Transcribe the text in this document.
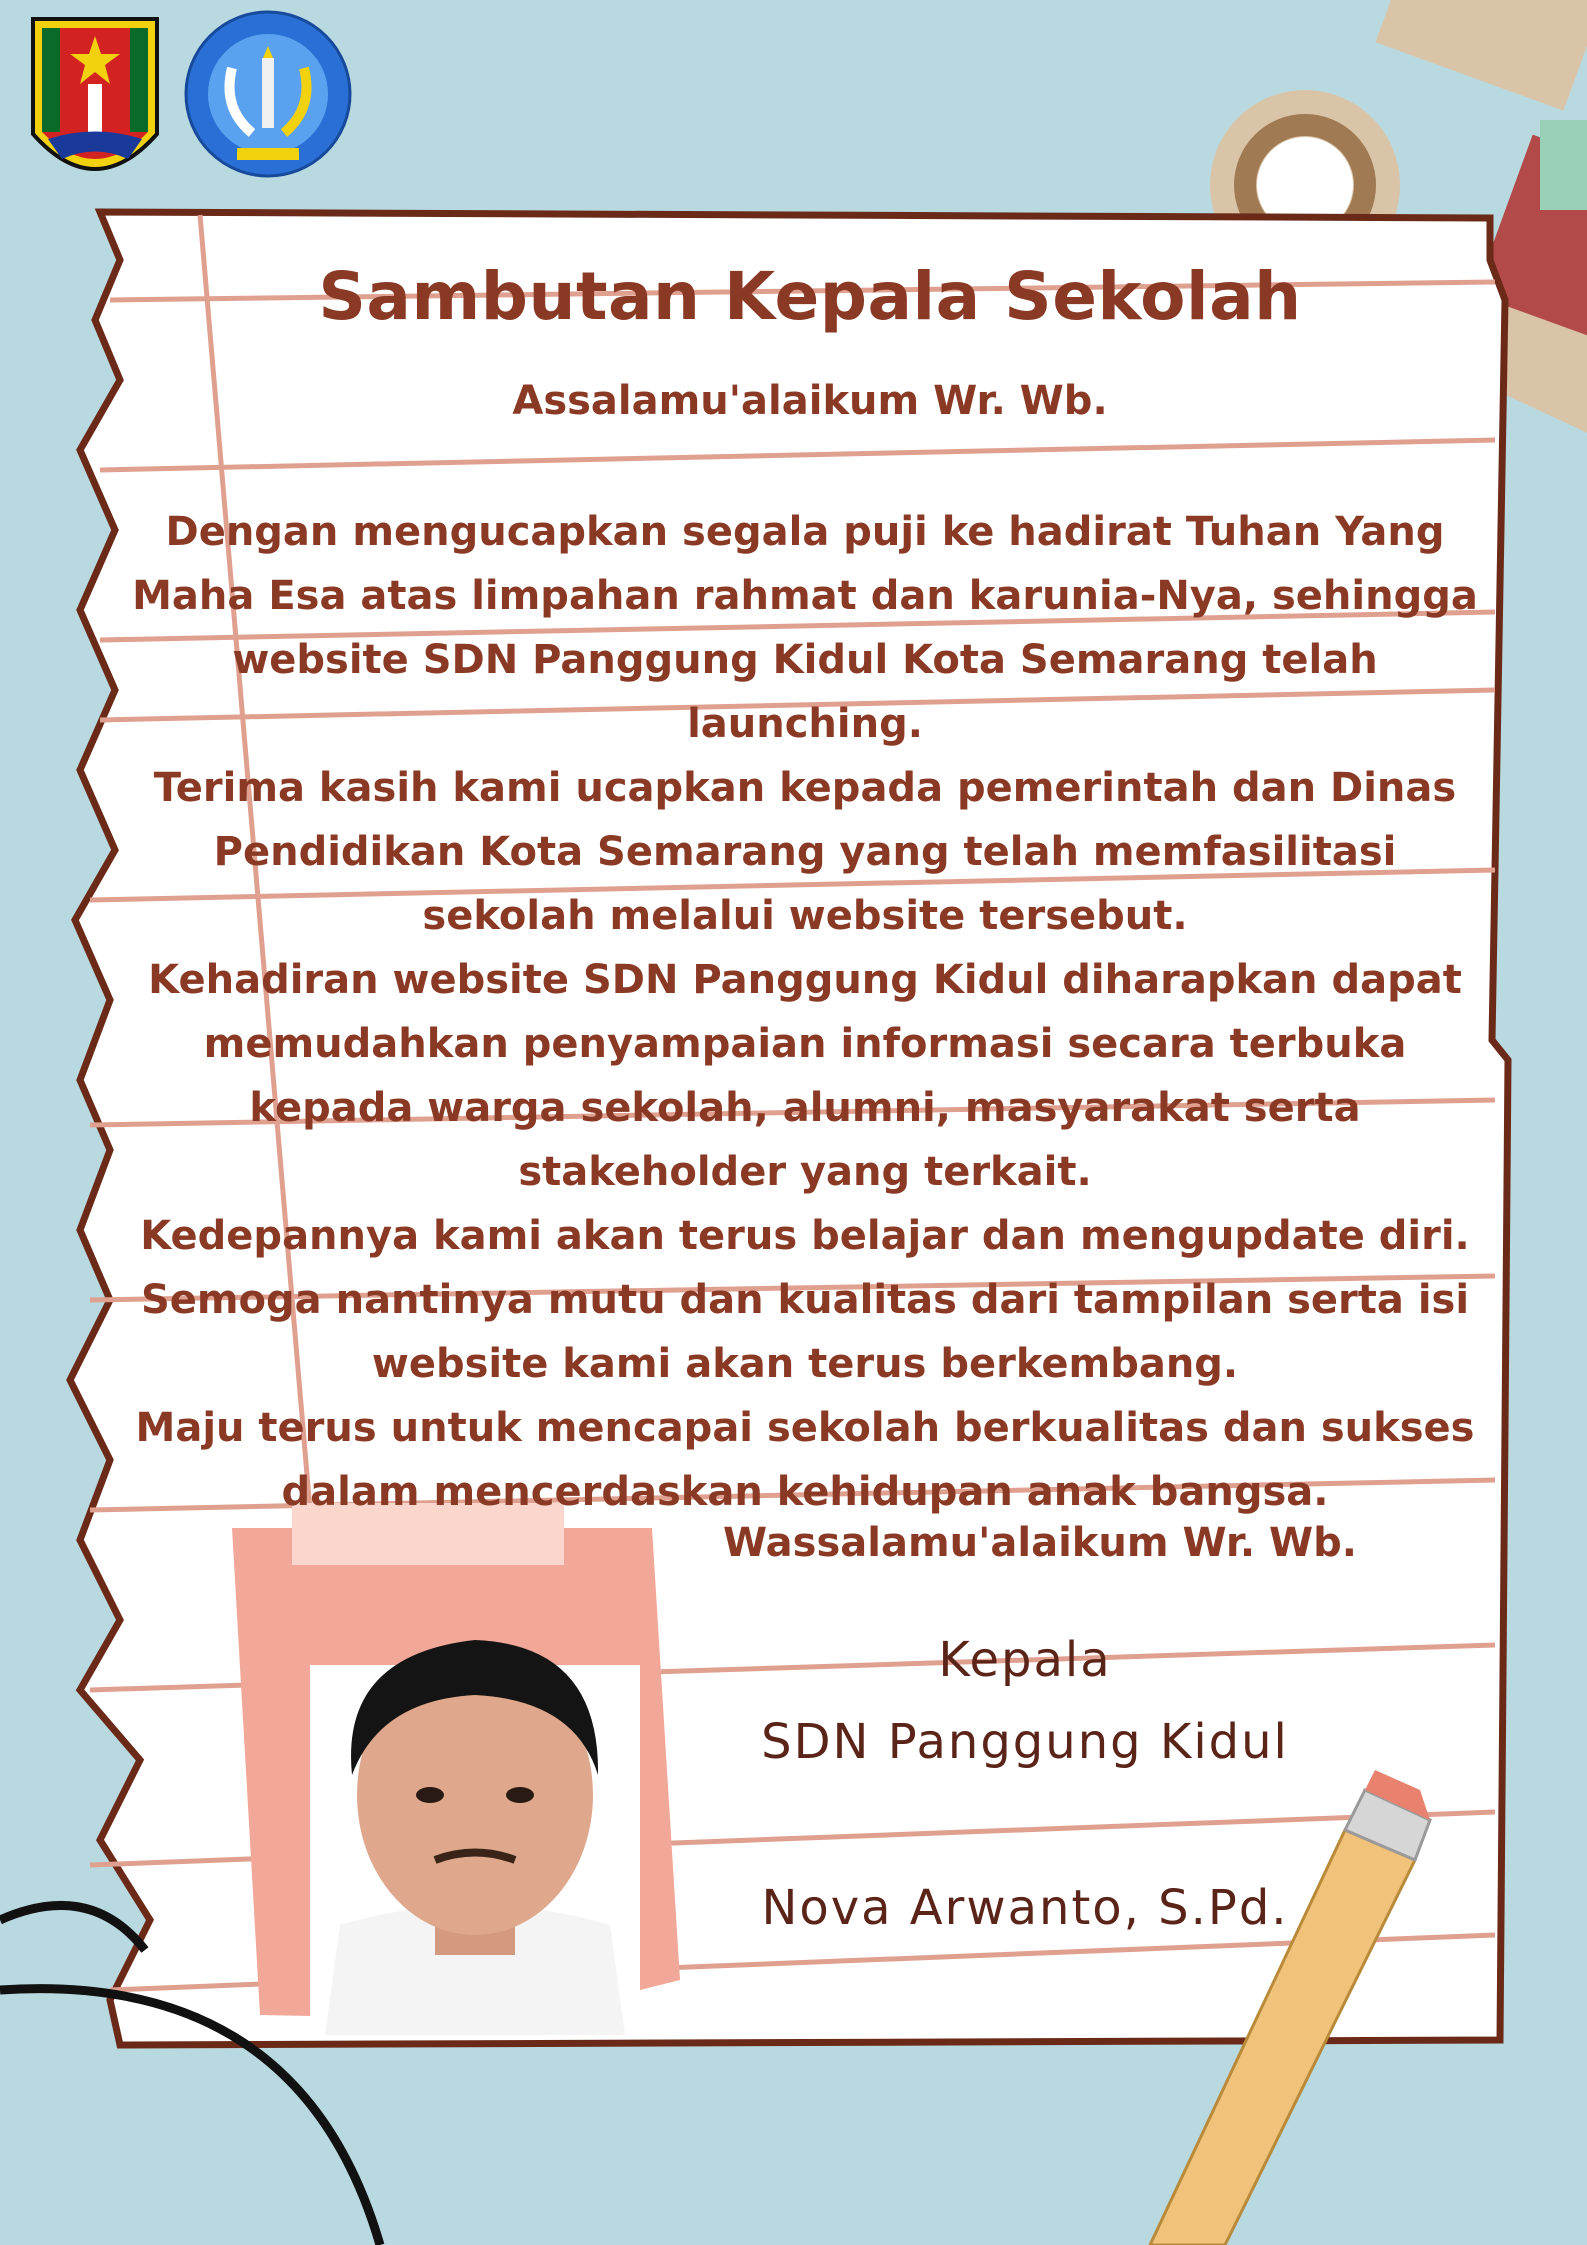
Sambutan Kepala Sekolah
Assalamu'alaikum Wr. Wb.

Dengan mengucapkan segala puji ke hadirat Tuhan Yang Maha Esa atas limpahan rahmat dan karunia-Nya, sehingga website SDN Panggung Kidul Kota Semarang telah launching.

Terima kasih kami ucapkan kepada pemerintah dan Dinas Pendidikan Kota Semarang yang telah memfasilitasi sekolah melalui website tersebut.

Kehadiran website SDN Panggung Kidul diharapkan dapat memudahkan penyampaian informasi secara terbuka kepada warga sekolah, alumni, masyarakat serta stakeholder yang terkait.

Kedepannya kami akan terus belajar dan mengupdate diri. Semoga nantinya mutu dan kualitas dari tampilan serta isi website kami akan terus berkembang.

Maju terus untuk mencapai sekolah berkualitas dan sukses dalam mencerdaskan kehidupan anak bangsa.

Wassalamu'alaikum Wr. Wb.
Kepala
SDN Panggung Kidul
Nova Arwanto, S.Pd.
